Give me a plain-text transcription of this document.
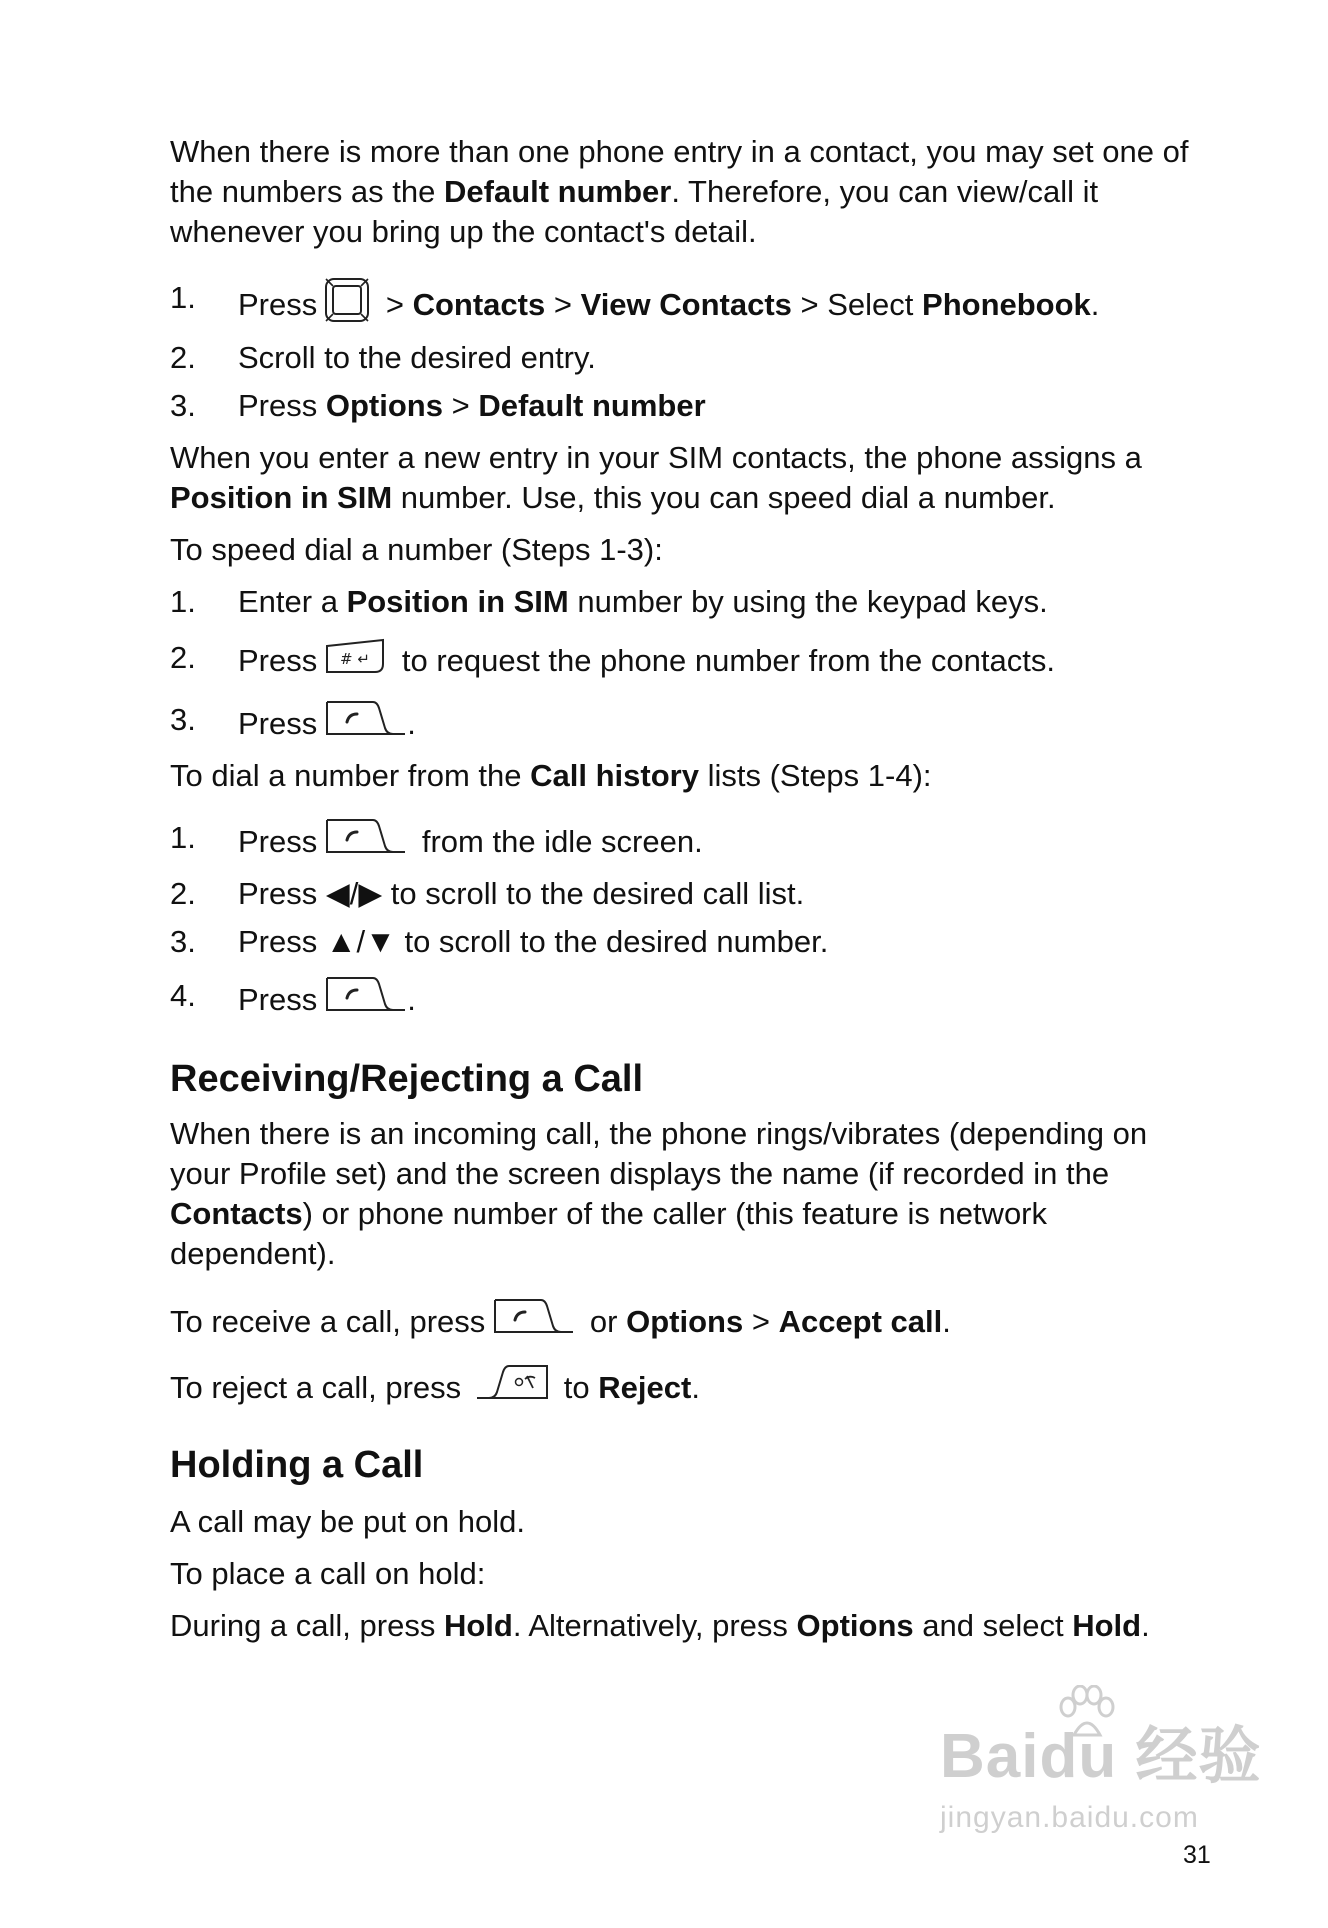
When there is more than one phone entry in a contact, you may set one of the numbers as the Default number. Therefore, you can view/call it whenever you bring up the contact's detail.

1. Press > Contacts > View Contacts > Select Phonebook.
2. Scroll to the desired entry.
3. Press Options > Default number

When you enter a new entry in your SIM contacts, the phone assigns a Position in SIM number. Use, this you can speed dial a number.

To speed dial a number (Steps 1-3):

1. Enter a Position in SIM number by using the keypad keys.
2. Press # ↵ to request the phone number from the contacts.
3. Press	.

To dial a number from the Call history lists (Steps 1-4):

1. Press	from the idle screen.
2. Press ◀/▶ to scroll to the desired call list.
3. Press ▲/▼ to scroll to the desired number.
4. Press	.
Receiving/Rejecting a Call

When there is an incoming call, the phone rings/vibrates (depending on your Profile set) and the screen displays the name (if recorded in the Contacts) or phone number of the caller (this feature is network dependent).

To receive a call, press	or Options > Accept call.
To reject a call, press	to Reject.
Holding a Call

A call may be put on hold.

To place a call on hold:

During a call, press Hold. Alternatively, press Options and select Hold.

Baidu 经验
jingyan.baidu.com
31
